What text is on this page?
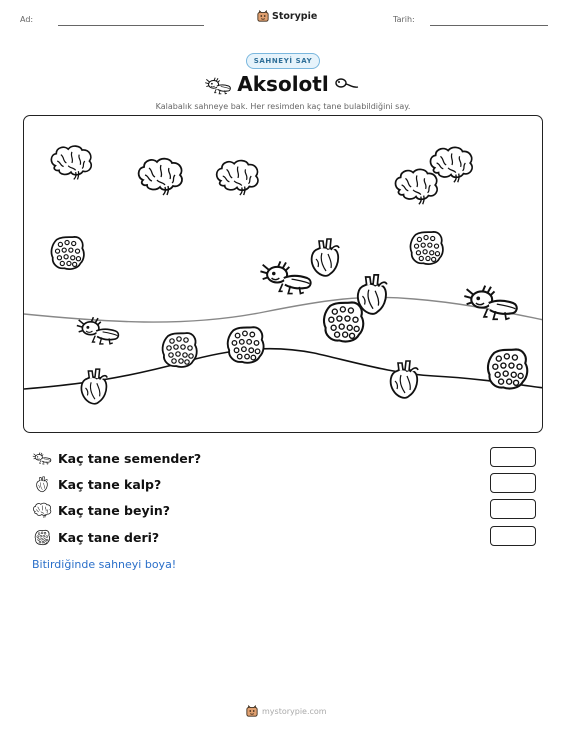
Ad:	Storypie	Tarih:
SAHNEYİ SAY
Aksolotl
Kalabalık sahneye bak. Her resimden kaç tane bulabildiğini say.
Kaç tane semender?
Kaç tane kalp?
Kaç tane beyin?
Kaç tane deri?
Bitirdiğinde sahneyi boya!
mystorypie.com
